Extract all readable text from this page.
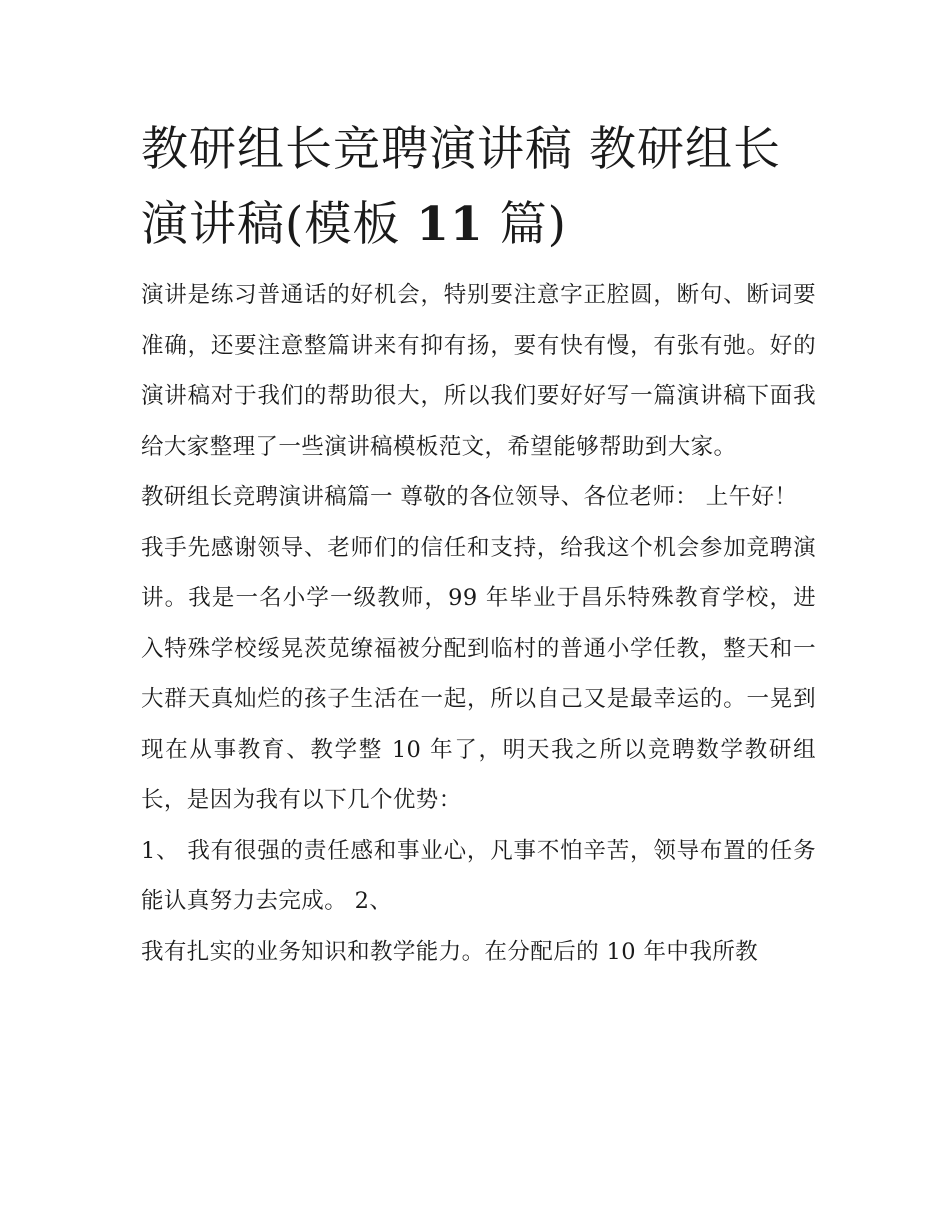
教研组长竞聘演讲稿 教研组长演讲稿(模板 11 篇)

演讲是练习普通话的好机会，特别要注意字正腔圆，断句、断词要准确，还要注意整篇讲来有抑有扬，要有快有慢，有张有弛。好的演讲稿对于我们的帮助很大，所以我们要好好写一篇演讲稿下面我给大家整理了一些演讲稿模板范文，希望能够帮助到大家。

教研组长竞聘演讲稿篇一 尊敬的各位领导、各位老师： 上午好！

我手先感谢领导、老师们的信任和支持，给我这个机会参加竞聘演讲。我是一名小学一级教师，99 年毕业于昌乐特殊教育学校，进入特殊学校绥晃茨苋缭福被分配到临村的普通小学任教，整天和一大群天真灿烂的孩子生活在一起，所以自己又是最幸运的。一晃到现在从事教育、教学整 10 年了，明天我之所以竞聘数学教研组长，是因为我有以下几个优势：

1、 我有很强的责任感和事业心，凡事不怕辛苦，领导布置的任务能认真努力去完成。 2、

我有扎实的业务知识和教学能力。在分配后的 10 年中我所教
